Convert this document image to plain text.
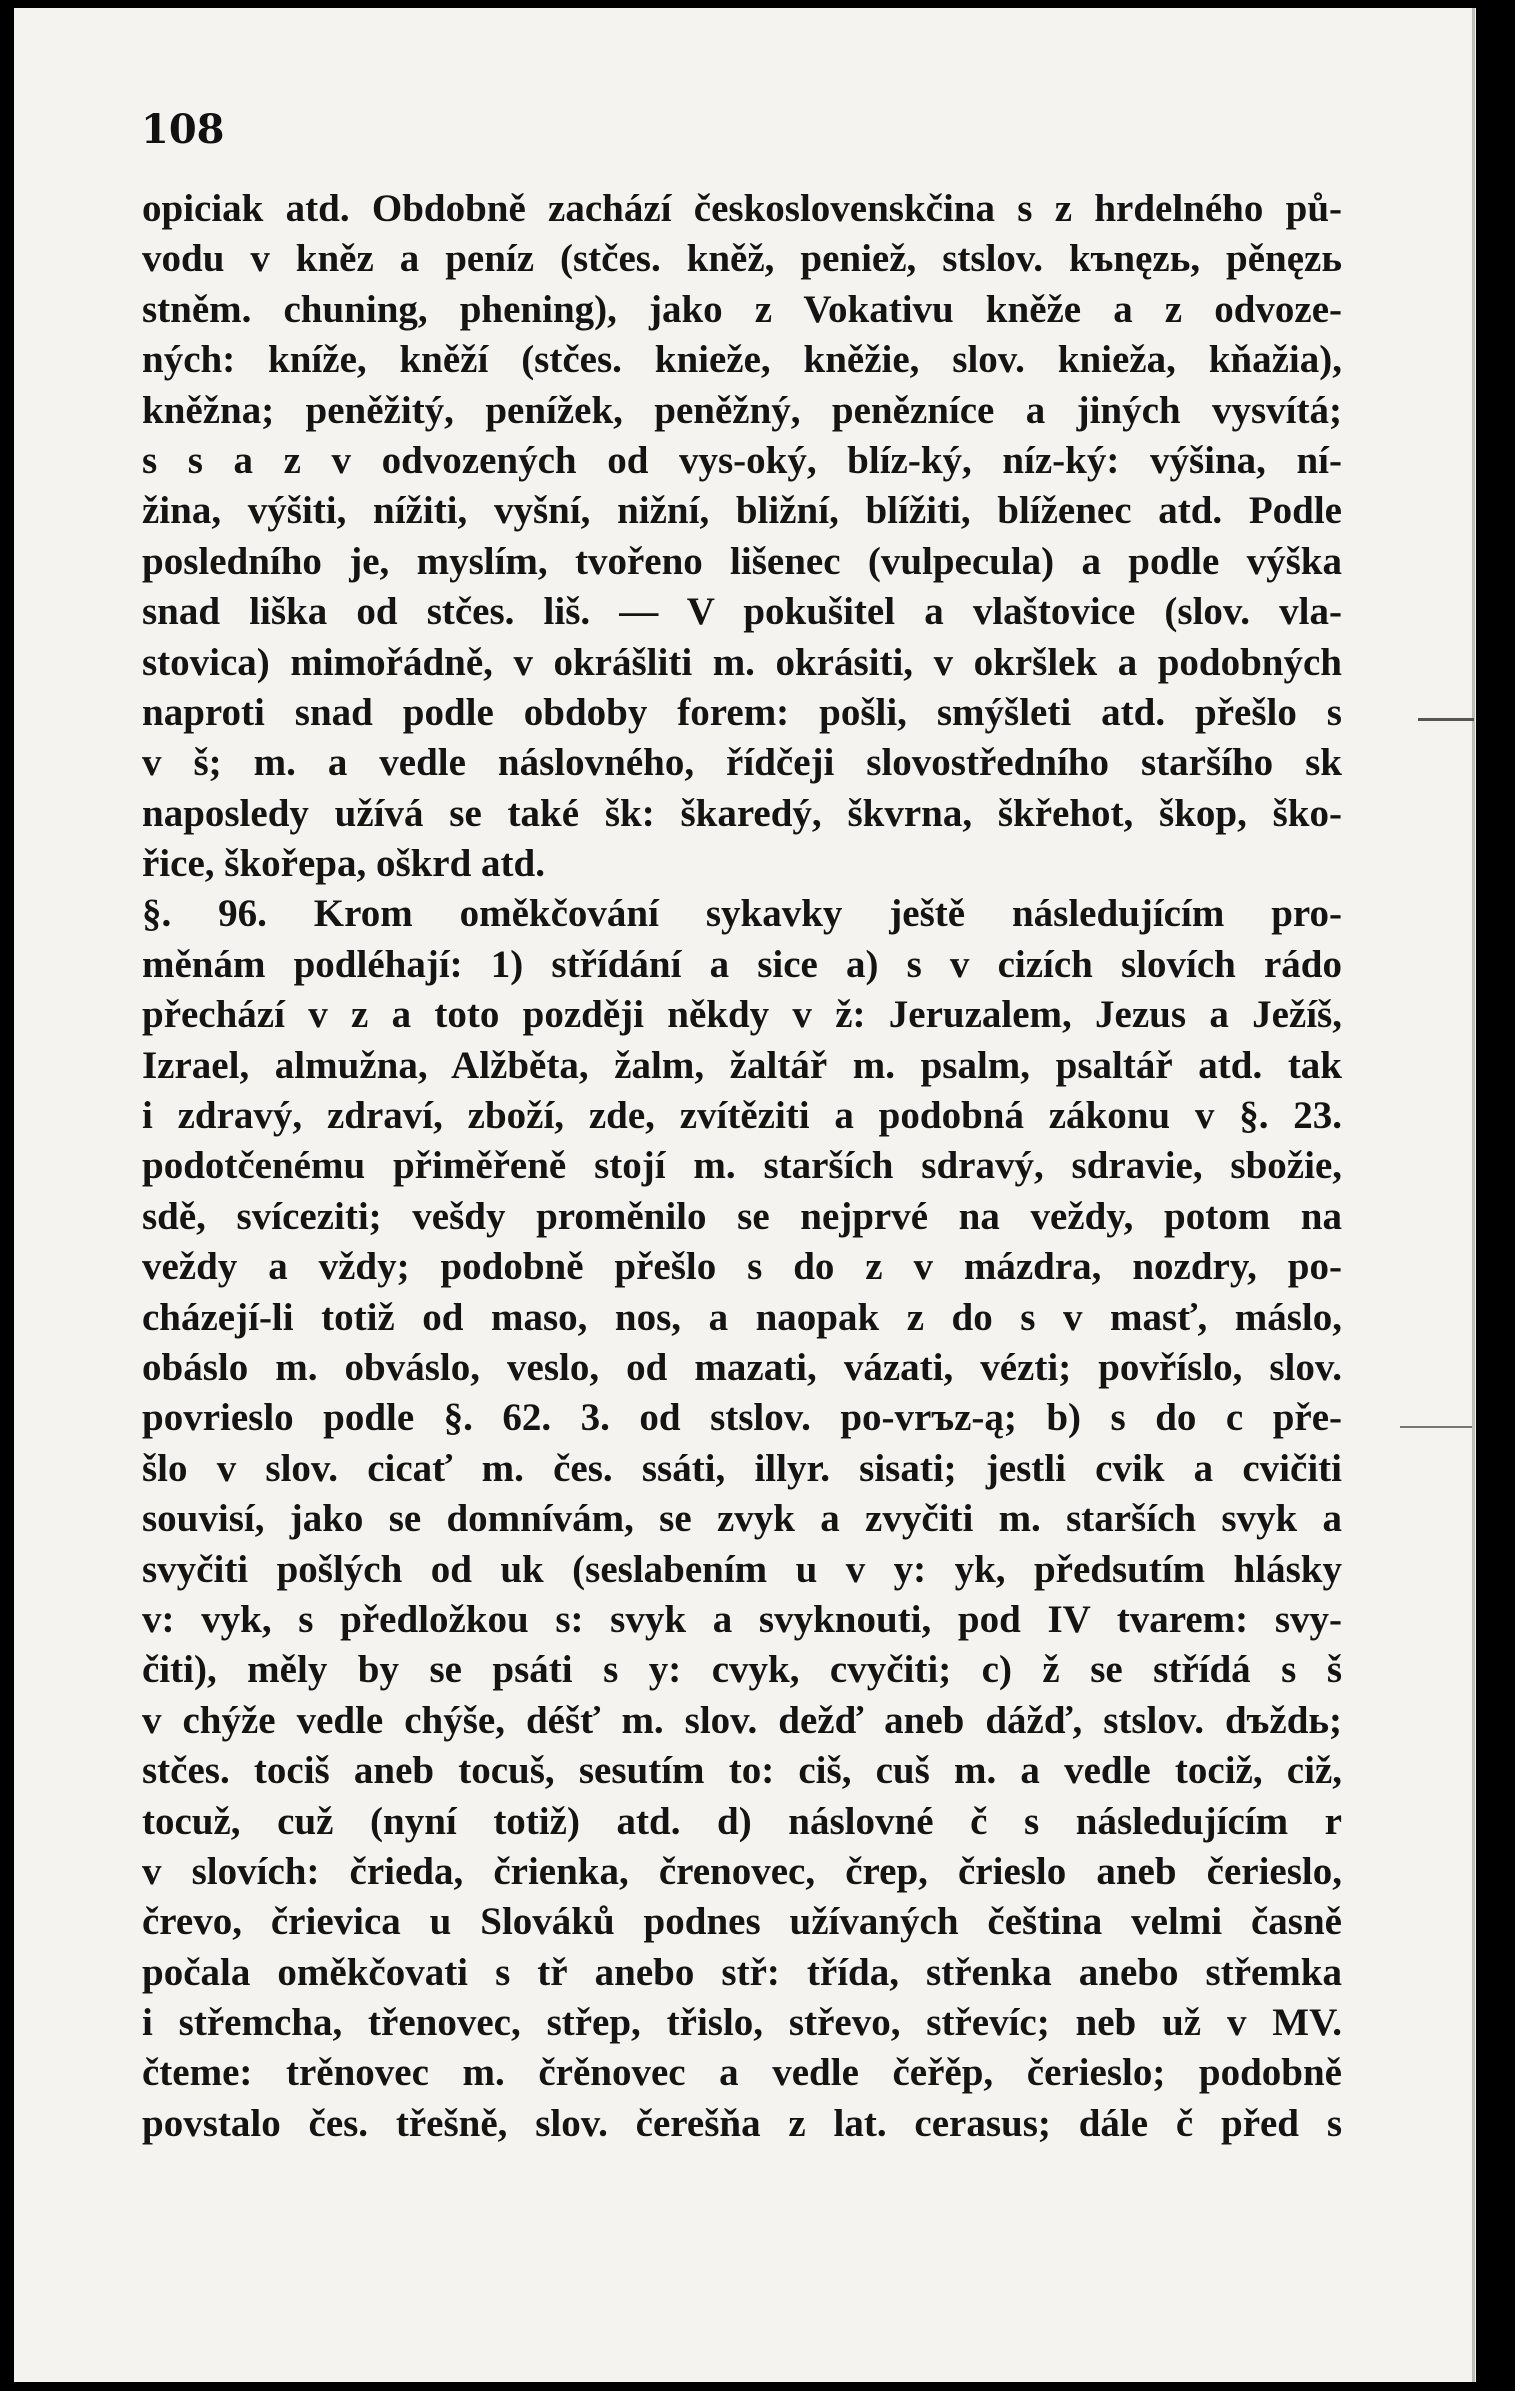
108
opiciak atd. Obdobně zachází československčina s z hrdelného pů-
vodu v kněz a peníz (stčes. kněž, peniež, stslov. kъnęzь, pěnęzь
stněm. chuning, phening), jako z Vokativu kněže a z odvoze-
ných: kníže, kněží (stčes. knieže, kněžie, slov. knieža, kňažia),
kněžna; peněžitý, penížek, peněžný, penězníce a jiných vysvítá;
s s a z v odvozených od vys-oký, blíz-ký, níz-ký: výšina, ní-
žina, výšiti, nížiti, vyšní, nižní, bližní, blížiti, blíženec atd. Podle
posledního je, myslím, tvořeno lišenec (vulpecula) a podle výška
snad liška od stčes. liš. — V pokušitel a vlaštovice (slov. vla-
stovica) mimořádně, v okrášliti m. okrásiti, v okršlek a podobných
naproti snad podle obdoby forem: pošli, smýšleti atd. přešlo s
v š; m. a vedle náslovného, řídčeji slovostředního staršího sk
naposledy užívá se také šk: škaredý, škvrna, škřehot, škop, ško-
řice, škořepa, oškrd atd.
§. 96. Krom oměkčování sykavky ještě následujícím pro-
měnám podléhají: 1) střídání a sice a) s v cizích slovích rádo
přechází v z a toto později někdy v ž: Jeruzalem, Jezus a Ježíš,
Izrael, almužna, Alžběta, žalm, žaltář m. psalm, psaltář atd. tak
i zdravý, zdraví, zboží, zde, zvítěziti a podobná zákonu v §. 23.
podotčenému přiměřeně stojí m. starších sdravý, sdravie, sbožie,
sdě, svíceziti; vešdy proměnilo se nejprvé na veždy, potom na
veždy a vždy; podobně přešlo s do z v mázdra, nozdry, po-
cházejí-li totiž od maso, nos, a naopak z do s v masť, máslo,
obáslo m. obváslo, veslo, od mazati, vázati, vézti; povříslo, slov.
povrieslo podle §. 62. 3. od stslov. po-vrъz-ą; b) s do c pře-
šlo v slov. cicať m. čes. ssáti, illyr. sisati; jestli cvik a cvičiti
souvisí, jako se domnívám, se zvyk a zvyčiti m. starších svyk a
svyčiti pošlých od uk (seslabením u v y: yk, předsutím hlásky
v: vyk, s předložkou s: svyk a svyknouti, pod IV tvarem: svy-
čiti), měly by se psáti s y: cvyk, cvyčiti; c) ž se střídá s š
v chýže vedle chýše, déšť m. slov. dežď aneb dážď, stslov. dъždь;
stčes. tociš aneb tocuš, sesutím to: ciš, cuš m. a vedle tociž, ciž,
tocuž, cuž (nyní totiž) atd. d) náslovné č s následujícím r
v slovích: črieda, črienka, črenovec, črep, črieslo aneb čerieslo,
črevo, črievica u Slováků podnes užívaných čeština velmi časně
počala oměkčovati s tř anebo stř: třída, střenka anebo střemka
i střemcha, třenovec, střep, třislo, střevo, střevíc; neb už v MV.
čteme: trěnovec m. črěnovec a vedle čeřěp, čerieslo; podobně
povstalo čes. třešně, slov. čerešňa z lat. cerasus; dále č před s
